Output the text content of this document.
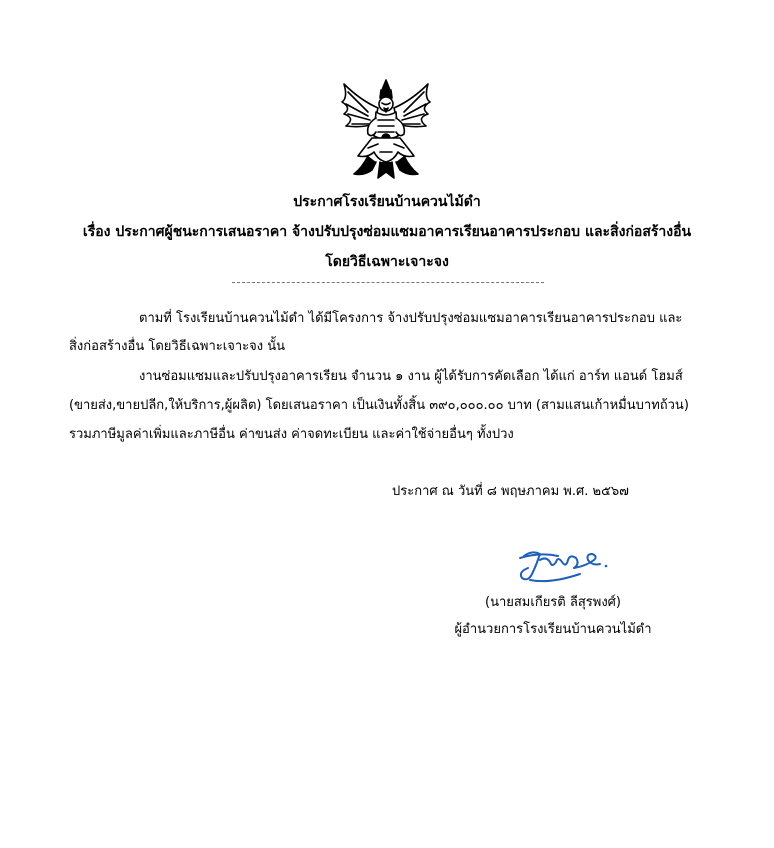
ประกาศโรงเรียนบ้านควนไม้ดำ
เรื่อง ประกาศผู้ชนะการเสนอราคา จ้างปรับปรุงซ่อมแซมอาคารเรียนอาคารประกอบ และสิ่งก่อสร้างอื่น
โดยวิธีเฉพาะเจาะจง
ตามที่ โรงเรียนบ้านควนไม้ดำ ได้มีโครงการ จ้างปรับปรุงซ่อมแซมอาคารเรียนอาคารประกอบ และ
สิ่งก่อสร้างอื่น โดยวิธีเฉพาะเจาะจง นั้น
งานซ่อมแซมและปรับปรุงอาคารเรียน จำนวน ๑ งาน ผู้ได้รับการคัดเลือก ได้แก่ อาร์ท แอนด์ โฮมส์
(ขายส่ง,ขายปลีก,ให้บริการ,ผู้ผลิต) โดยเสนอราคา เป็นเงินทั้งสิ้น ๓๙๐,๐๐๐.๐๐ บาท (สามแสนเก้าหมื่นบาทถ้วน)
รวมภาษีมูลค่าเพิ่มและภาษีอื่น ค่าขนส่ง ค่าจดทะเบียน และค่าใช้จ่ายอื่นๆ ทั้งปวง
ประกาศ ณ วันที่ ๘ พฤษภาคม พ.ศ. ๒๕๖๗
(นายสมเกียรติ ลีสุรพงศ์)
ผู้อำนวยการโรงเรียนบ้านควนไม้ดำ
